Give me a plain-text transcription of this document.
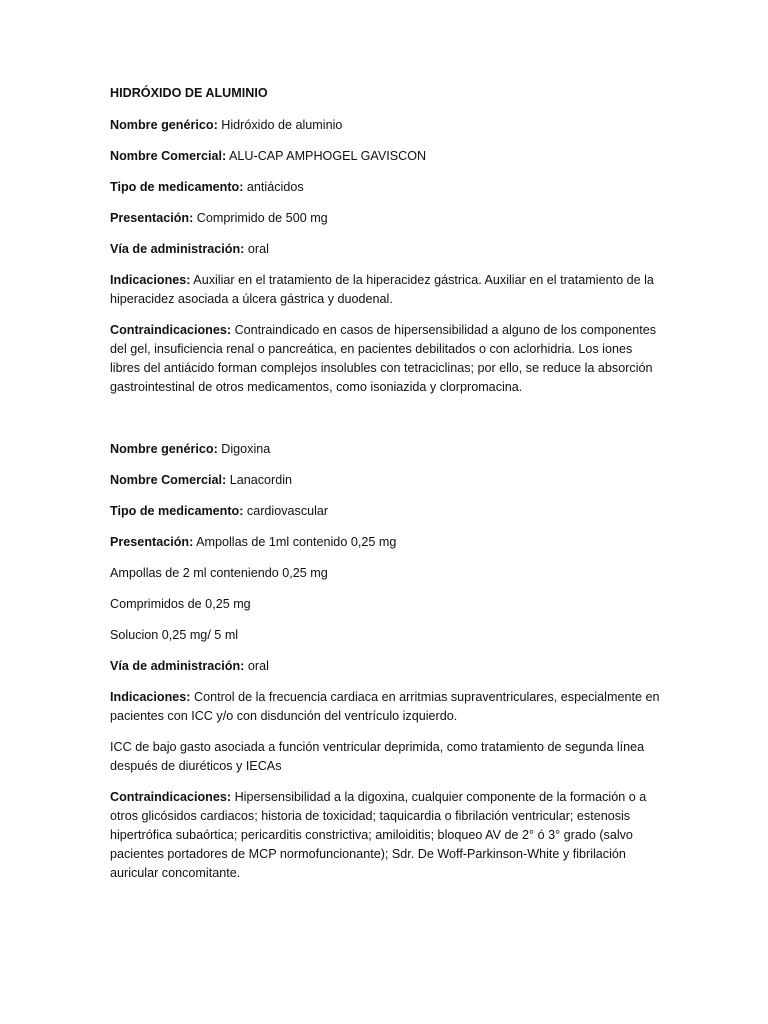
HIDRÓXIDO DE ALUMINIO
Nombre genérico: Hidróxido de aluminio
Nombre Comercial: ALU-CAP AMPHOGEL GAVISCON
Tipo de medicamento: antiácidos
Presentación: Comprimido de 500 mg
Vía de administración: oral
Indicaciones: Auxiliar en el tratamiento de la hiperacidez gástrica. Auxiliar en el tratamiento de la hiperacidez asociada a úlcera gástrica y duodenal.
Contraindicaciones: Contraindicado en casos de hipersensibilidad a alguno de los componentes del gel, insuficiencia renal o pancreática, en pacientes debilitados o con aclorhidria. Los iones libres del antiácido forman complejos insolubles con tetraciclinas; por ello, se reduce la absorción gastrointestinal de otros medicamentos, como isoniazida y clorpromacina.
Nombre genérico: Digoxina
Nombre Comercial: Lanacordin
Tipo de medicamento: cardiovascular
Presentación: Ampollas de 1ml contenido 0,25 mg
Ampollas de 2 ml conteniendo 0,25 mg
Comprimidos de 0,25 mg
Solucion 0,25 mg/ 5 ml
Vía de administración: oral
Indicaciones: Control de la frecuencia cardiaca en arritmias supraventriculares, especialmente en pacientes con ICC y/o con disdunción del ventrículo izquierdo.
ICC de bajo gasto asociada a función ventricular deprimida, como tratamiento de segunda línea después de diuréticos y IECAs
Contraindicaciones: Hipersensibilidad a la digoxina, cualquier componente de la formación o a otros glicósidos cardiacos; historia de toxicidad; taquicardia o fibrilación ventricular; estenosis hipertrófica subaórtica; pericarditis constrictiva; amiloiditis; bloqueo AV de 2° ó 3° grado (salvo pacientes portadores de MCP normofuncionante); Sdr. De Woff-Parkinson-White y fibrilación auricular concomitante.
